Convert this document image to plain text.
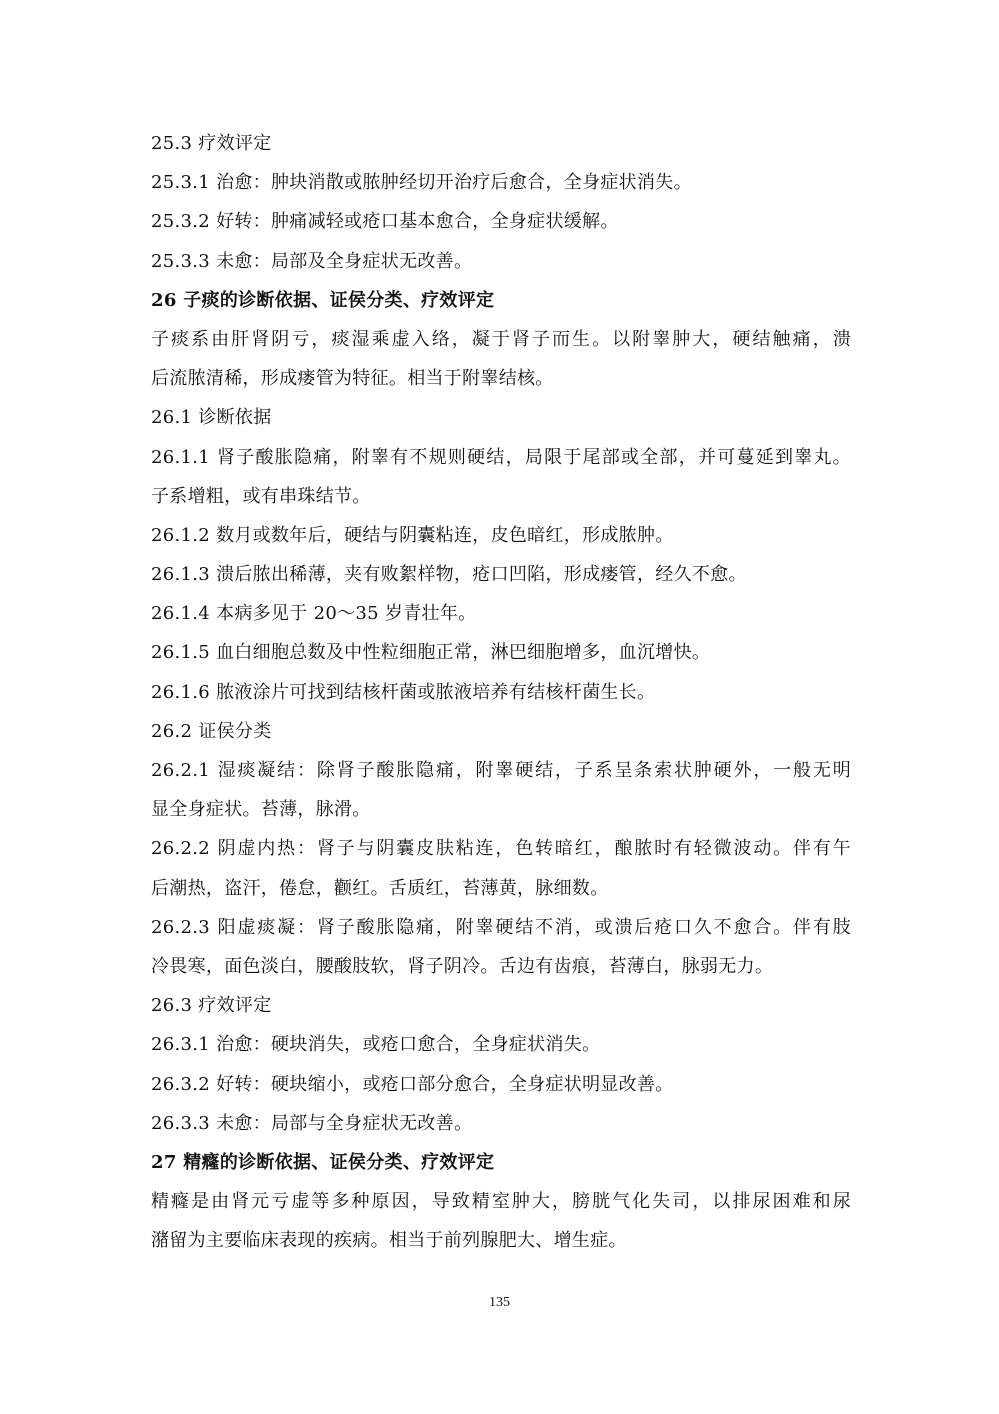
25.3 疗效评定
25.3.1 治愈：肿块消散或脓肿经切开治疗后愈合，全身症状消失。
25.3.2 好转：肿痛减轻或疮口基本愈合，全身症状缓解。
25.3.3 未愈：局部及全身症状无改善。
26 子痰的诊断依据、证侯分类、疗效评定
子痰系由肝肾阴亏，痰湿乘虚入络，凝于肾子而生。以附睾肿大，硬结触痛，溃
后流脓清稀，形成瘘管为特征。相当于附睾结核。
26.1 诊断依据
26.1.1 肾子酸胀隐痛，附睾有不规则硬结，局限于尾部或全部，并可蔓延到睾丸。
子系增粗，或有串珠结节。
26.1.2 数月或数年后，硬结与阴囊粘连，皮色暗红，形成脓肿。
26.1.3 溃后脓出稀薄，夹有败絮样物，疮口凹陷，形成瘘管，经久不愈。
26.1.4 本病多见于 20～35 岁青壮年。
26.1.5 血白细胞总数及中性粒细胞正常，淋巴细胞增多，血沉增快。
26.1.6 脓液涂片可找到结核杆菌或脓液培养有结核杆菌生长。
26.2 证侯分类
26.2.1 湿痰凝结：除肾子酸胀隐痛，附睾硬结，子系呈条索状肿硬外，一般无明
显全身症状。苔薄，脉滑。
26.2.2 阴虚内热：肾子与阴囊皮肤粘连，色转暗红，酿脓时有轻微波动。伴有午
后潮热，盗汗，倦怠，颧红。舌质红，苔薄黄，脉细数。
26.2.3 阳虚痰凝：肾子酸胀隐痛，附睾硬结不消，或溃后疮口久不愈合。伴有肢
冷畏寒，面色淡白，腰酸肢软，肾子阴冷。舌边有齿痕，苔薄白，脉弱无力。
26.3 疗效评定
26.3.1 治愈：硬块消失，或疮口愈合，全身症状消失。
26.3.2 好转：硬块缩小，或疮口部分愈合，全身症状明显改善。
26.3.3 未愈：局部与全身症状无改善。
27 精癃的诊断依据、证侯分类、疗效评定
精癃是由肾元亏虚等多种原因，导致精室肿大，膀胱气化失司，以排尿困难和尿
潴留为主要临床表现的疾病。相当于前列腺肥大、增生症。
135
